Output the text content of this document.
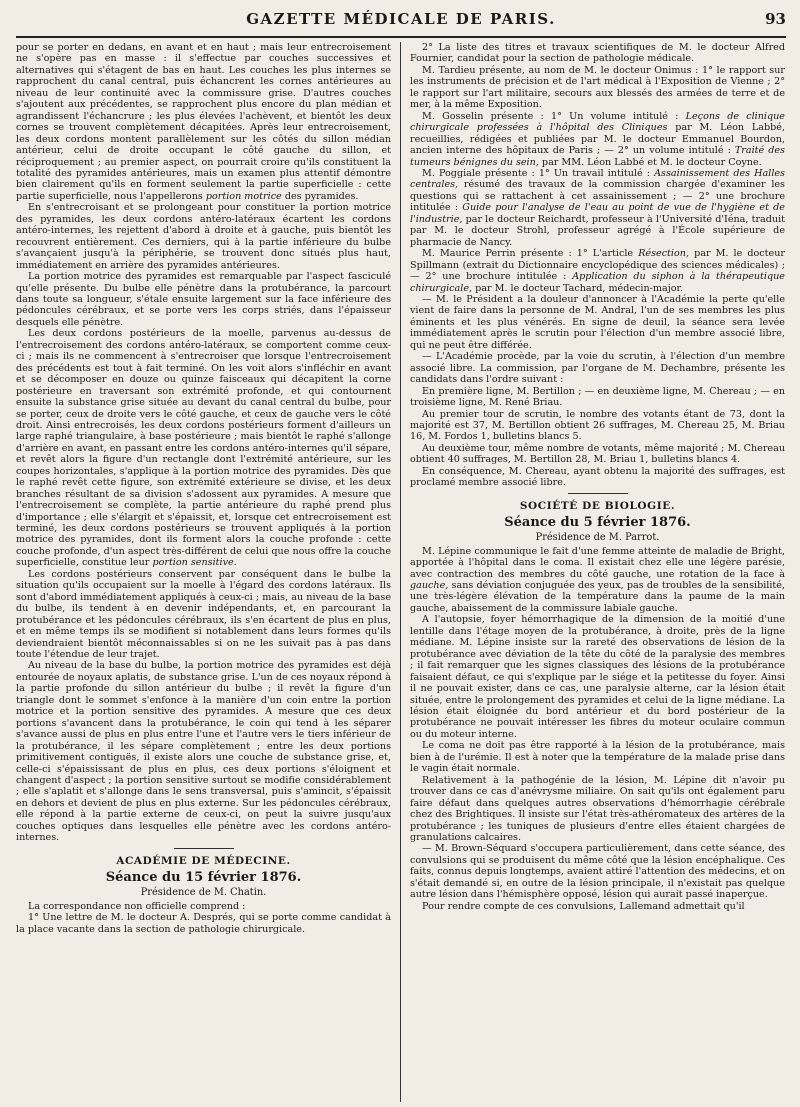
GAZETTE MÉDICALE DE PARIS.	93

pour se porter en dedans, en avant et en haut ; mais leur entrecroisement ne s'opère pas en masse : il s'effectue par couches successives et alternatives qui s'étagent de bas en haut. Les couches les plus internes se rapprochent du canal central, puis échancrent les cornes antérieures au niveau de leur continuité avec la commissure grise. D'autres couches s'ajoutent aux précédentes, se rapprochent plus encore du plan médian et agrandissent l'échancrure ; les plus élevées l'achèvent, et bientôt les deux cornes se trouvent complètement décapitées. Après leur entrecroisement, les deux cordons montent parallèlement sur les côtés du sillon médian antérieur, celui de droite occupant le côté gauche du sillon, et réciproquement ; au premier aspect, on pourrait croire qu'ils constituent la totalité des pyramides antérieures, mais un examen plus attentif démontre bien clairement qu'ils en forment seulement la partie superficielle : cette partie superficielle, nous l'appellerons portion motrice des pyramides.

En s'entrecroisant et se prolongeant pour constituer la portion motrice des pyramides, les deux cordons antéro-latéraux écartent les cordons antéro-internes, les rejettent d'abord à droite et à gauche, puis bientôt les recouvrent entièrement. Ces derniers, qui à la partie inférieure du bulbe s'avançaient jusqu'à la périphérie, se trouvent donc situés plus haut, immédiatement en arrière des pyramides antérieures.

La portion motrice des pyramides est remarquable par l'aspect fasciculé qu'elle présente. Du bulbe elle pénètre dans la protubérance, la parcourt dans toute sa longueur, s'étale ensuite largement sur la face inférieure des pédoncules cérébraux, et se porte vers les corps striés, dans l'épaisseur desquels elle pénètre.

Les deux cordons postérieurs de la moelle, parvenus au-dessus de l'entrecroisement des cordons antéro-latéraux, se comportent comme ceux-ci ; mais ils ne commencent à s'entrecroiser que lorsque l'entrecroisement des précédents est tout à fait terminé. On les voit alors s'infléchir en avant et se décomposer en douze ou quinze faisceaux qui décapitent la corne postérieure en traversant son extrémité profonde, et qui contournent ensuite la substance grise située au devant du canal central du bulbe, pour se porter, ceux de droite vers le côté gauche, et ceux de gauche vers le côté droit. Ainsi entrecroisés, les deux cordons postérieurs forment d'ailleurs un large raphé triangulaire, à base postérieure ; mais bientôt le raphé s'allonge d'arrière en avant, en passant entre les cordons antéro-internes qu'il sépare, et revêt alors la figure d'un rectangle dont l'extrémité antérieure, sur les coupes horizontales, s'applique à la portion motrice des pyramides. Dès que le raphé revêt cette figure, son extrémité extérieure se divise, et les deux branches résultant de sa division s'adossent aux pyramides. A mesure que l'entrecroisement se complète, la partie antérieure du raphé prend plus d'importance ; elle s'élargit et s'épaissit, et, lorsque cet entrecroisement est terminé, les deux cordons postérieurs se trouvent appliqués à la portion motrice des pyramides, dont ils forment alors la couche profonde : cette couche profonde, d'un aspect très-différent de celui que nous offre la couche superficielle, constitue leur portion sensitive.

Les cordons postérieurs conservent par conséquent dans le bulbe la situation qu'ils occupaient sur la moelle à l'égard des cordons latéraux. Ils sont d'abord immédiatement appliqués à ceux-ci ; mais, au niveau de la base du bulbe, ils tendent à en devenir indépendants, et, en parcourant la protubérance et les pédoncules cérébraux, ils s'en écartent de plus en plus, et en même temps ils se modifient si notablement dans leurs formes qu'ils deviendraient bientôt méconnaissables si on ne les suivait pas à pas dans toute l'étendue de leur trajet.

Au niveau de la base du bulbe, la portion motrice des pyramides est déjà entourée de noyaux aplatis, de substance grise. L'un de ces noyaux répond à la partie profonde du sillon antérieur du bulbe ; il revêt la figure d'un triangle dont le sommet s'enfonce à la manière d'un coin entre la portion motrice et la portion sensitive des pyramides. A mesure que ces deux portions s'avancent dans la protubérance, le coin qui tend à les séparer s'avance aussi de plus en plus entre l'une et l'autre vers le tiers inférieur de la protubérance, il les sépare complètement ; entre les deux portions primitivement contiguës, il existe alors une couche de substance grise, et, celle-ci s'épaississant de plus en plus, ces deux portions s'éloignent et changent d'aspect ; la portion sensitive surtout se modifie considérablement ; elle s'aplatit et s'allonge dans le sens transversal, puis s'amincit, s'épaissit en dehors et devient de plus en plus externe. Sur les pédoncules cérébraux, elle répond à la partie externe de ceux-ci, on peut la suivre jusqu'aux couches optiques dans lesquelles elle pénètre avec les cordons antéro-internes.

ACADÉMIE DE MÉDECINE.
Séance du 15 février 1876.
Présidence de M. Chatin.

La correspondance non officielle comprend :

1° Une lettre de M. le docteur A. Després, qui se porte comme candidat à la place vacante dans la section de pathologie chirurgicale.

2° La liste des titres et travaux scientifiques de M. le docteur Alfred Fournier, candidat pour la section de pathologie médicale.

M. Tardieu présente, au nom de M. le docteur Onimus : 1° le rapport sur les instruments de précision et de l'art médical à l'Exposition de Vienne ; 2° le rapport sur l'art militaire, secours aux blessés des armées de terre et de mer, à la même Exposition.

M. Gosselin présente : 1° Un volume intitulé : Leçons de clinique chirurgicale professées à l'hôpital des Cliniques par M. Léon Labbé, recueillies, rédigées et publiées par M. le docteur Emmanuel Bourdon, ancien interne des hôpitaux de Paris ; — 2° un volume intitulé : Traité des tumeurs bénignes du sein, par MM. Léon Labbé et M. le docteur Coyne.

M. Poggiale présente : 1° Un travail intitulé : Assainissement des Halles centrales, résumé des travaux de la commission chargée d'examiner les questions qui se rattachent à cet assainissement ; — 2° une brochure intitulée : Guide pour l'analyse de l'eau au point de vue de l'hygiène et de l'industrie, par le docteur Reichardt, professeur à l'Université d'Iéna, traduit par M. le docteur Strohl, professeur agrégé à l'École supérieure de pharmacie de Nancy.

M. Maurice Perrin présente : 1° L'article Résection, par M. le docteur Spillmann (extrait du Dictionnaire encyclopédique des sciences médicales) ; — 2° une brochure intitulée : Application du siphon à la thérapeutique chirurgicale, par M. le docteur Tachard, médecin-major.

— M. le Président a la douleur d'annoncer à l'Académie la perte qu'elle vient de faire dans la personne de M. Andral, l'un de ses membres les plus éminents et les plus vénérés. En signe de deuil, la séance sera levée immédiatement après le scrutin pour l'élection d'un membre associé libre, qui ne peut être différée.

— L'Académie procède, par la voie du scrutin, à l'élection d'un membre associé libre. La commission, par l'organe de M. Dechambre, présente les candidats dans l'ordre suivant :

En première ligne, M. Bertillon ; — en deuxième ligne, M. Chereau ; — en troisième ligne, M. René Briau.

Au premier tour de scrutin, le nombre des votants étant de 73, dont la majorité est 37, M. Bertillon obtient 26 suffrages, M. Chereau 25, M. Briau 16, M. Fordos 1, bulletins blancs 5.

Au deuxième tour, même nombre de votants, même majorité ; M. Chereau obtient 40 suffrages, M. Bertillon 28, M. Briau 1, bulletins blancs 4.

En conséquence, M. Chereau, ayant obtenu la majorité des suffrages, est proclamé membre associé libre.

SOCIÉTÉ DE BIOLOGIE.
Séance du 5 février 1876.
Présidence de M. Parrot.

M. Lépine communique le fait d'une femme atteinte de maladie de Bright, apportée à l'hôpital dans le coma. Il existait chez elle une légère parésie, avec contraction des membres du côté gauche, une rotation de la face à gauche, sans déviation conjuguée des yeux, pas de troubles de la sensibilité, une très-légère élévation de la température dans la paume de la main gauche, abaissement de la commissure labiale gauche.

A l'autopsie, foyer hémorrhagique de la dimension de la moitié d'une lentille dans l'étage moyen de la protubérance, à droite, près de la ligne médiane. M. Lépine insiste sur la rareté des observations de lésion de la protubérance avec déviation de la tête du côté de la paralysie des membres ; il fait remarquer que les signes classiques des lésions de la protubérance faisaient défaut, ce qui s'explique par le siége et la petitesse du foyer. Ainsi il ne pouvait exister, dans ce cas, une paralysie alterne, car la lésion était située, entre le prolongement des pyramides et celui de la ligne médiane. La lésion était éloignée du bord antérieur et du bord postérieur de la protubérance ne pouvait intéresser les fibres du moteur oculaire commun ou du moteur interne.

Le coma ne doit pas être rapporté à la lésion de la protubérance, mais bien à de l'urémie. Il est à noter que la température de la malade prise dans le vagin était normale.

Relativement à la pathogénie de la lésion, M. Lépine dit n'avoir pu trouver dans ce cas d'anévrysme miliaire. On sait qu'ils ont également paru faire défaut dans quelques autres observations d'hémorrhagie cérébrale chez des Brightiques. Il insiste sur l'état très-athéromateux des artères de la protubérance ; les tuniques de plusieurs d'entre elles étaient chargées de granulations calcaires.

— M. Brown-Séquard s'occupera particulièrement, dans cette séance, des convulsions qui se produisent du même côté que la lésion encéphalique. Ces faits, connus depuis longtemps, avaient attiré l'attention des médecins, et on s'était demandé si, en outre de la lésion principale, il n'existait pas quelque autre lésion dans l'hémisphère opposé, lésion qui aurait passé inaperçue.

Pour rendre compte de ces convulsions, Lallemand admettait qu'il
